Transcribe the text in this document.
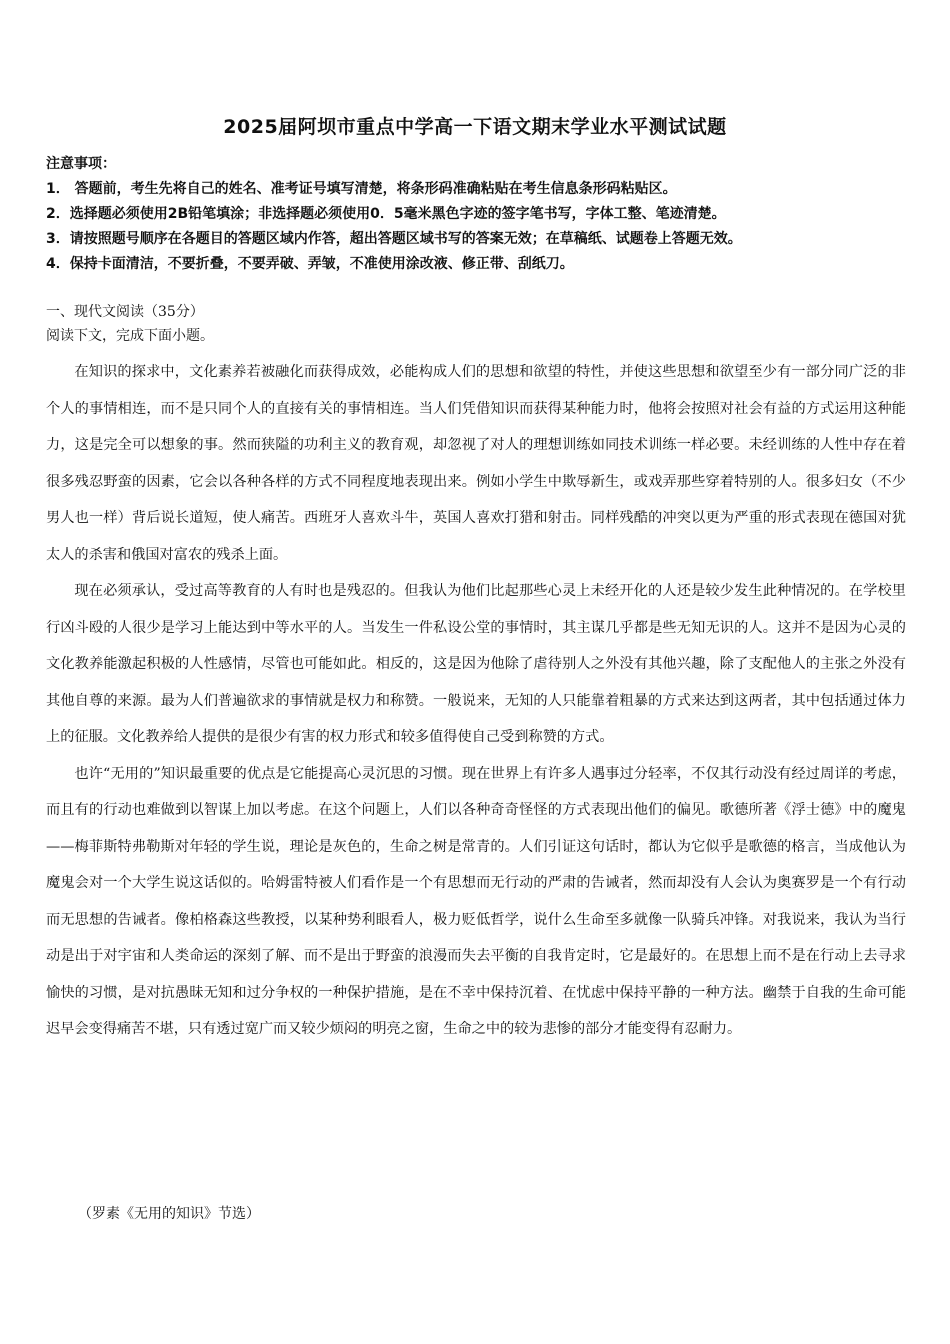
2025届阿坝市重点中学高一下语文期末学业水平测试试题
注意事项：
1． 答题前，考生先将自己的姓名、准考证号填写清楚，将条形码准确粘贴在考生信息条形码粘贴区。
2．选择题必须使用2B铅笔填涂；非选择题必须使用0．5毫米黑色字迹的签字笔书写，字体工整、笔迹清楚。
3．请按照题号顺序在各题目的答题区域内作答，超出答题区域书写的答案无效；在草稿纸、试题卷上答题无效。
4．保持卡面清洁，不要折叠，不要弄破、弄皱，不准使用涂改液、修正带、刮纸刀。
一、现代文阅读（35分）
阅读下文，完成下面小题。

在知识的探求中，文化素养若被融化而获得成效，必能构成人们的思想和欲望的特性，并使这些思想和欲望至少有一部分同广泛的非个人的事情相连，而不是只同个人的直接有关的事情相连。当人们凭借知识而获得某种能力时，他将会按照对社会有益的方式运用这种能力，这是完全可以想象的事。然而狭隘的功利主义的教育观，却忽视了对人的理想训练如同技术训练一样必要。未经训练的人性中存在着很多残忍野蛮的因素，它会以各种各样的方式不同程度地表现出来。例如小学生中欺辱新生，或戏弄那些穿着特别的人。很多妇女（不少男人也一样）背后说长道短，使人痛苦。西班牙人喜欢斗牛，英国人喜欢打猎和射击。同样残酷的冲突以更为严重的形式表现在德国对犹太人的杀害和俄国对富农的残杀上面。

现在必须承认，受过高等教育的人有时也是残忍的。但我认为他们比起那些心灵上未经开化的人还是较少发生此种情况的。在学校里行凶斗殴的人很少是学习上能达到中等水平的人。当发生一件私设公堂的事情时，其主谋几乎都是些无知无识的人。这并不是因为心灵的文化教养能激起积极的人性感情，尽管也可能如此。相反的，这是因为他除了虐待别人之外没有其他兴趣，除了支配他人的主张之外没有其他自尊的来源。最为人们普遍欲求的事情就是权力和称赞。一般说来，无知的人只能靠着粗暴的方式来达到这两者，其中包括通过体力上的征服。文化教养给人提供的是很少有害的权力形式和较多值得使自己受到称赞的方式。

也许“无用的”知识最重要的优点是它能提高心灵沉思的习惯。现在世界上有许多人遇事过分轻率，不仅其行动没有经过周详的考虑，而且有的行动也难做到以智谋上加以考虑。在这个问题上，人们以各种奇奇怪怪的方式表现出他们的偏见。歌德所著《浮士德》中的魔鬼——梅菲斯特弗勒斯对年轻的学生说，理论是灰色的，生命之树是常青的。人们引证这句话时，都认为它似乎是歌德的格言，当成他认为魔鬼会对一个大学生说这话似的。哈姆雷特被人们看作是一个有思想而无行动的严肃的告诫者，然而却没有人会认为奥赛罗是一个有行动而无思想的告诫者。像柏格森这些教授，以某种势利眼看人，极力贬低哲学，说什么生命至多就像一队骑兵冲锋。对我说来，我认为当行动是出于对宇宙和人类命运的深刻了解、而不是出于野蛮的浪漫而失去平衡的自我肯定时，它是最好的。在思想上而不是在行动上去寻求愉快的习惯，是对抗愚昧无知和过分争权的一种保护措施，是在不幸中保持沉着、在忧虑中保持平静的一种方法。幽禁于自我的生命可能迟早会变得痛苦不堪，只有透过宽广而又较少烦闷的明亮之窗，生命之中的较为悲惨的部分才能变得有忍耐力。

（罗素《无用的知识》节选）
